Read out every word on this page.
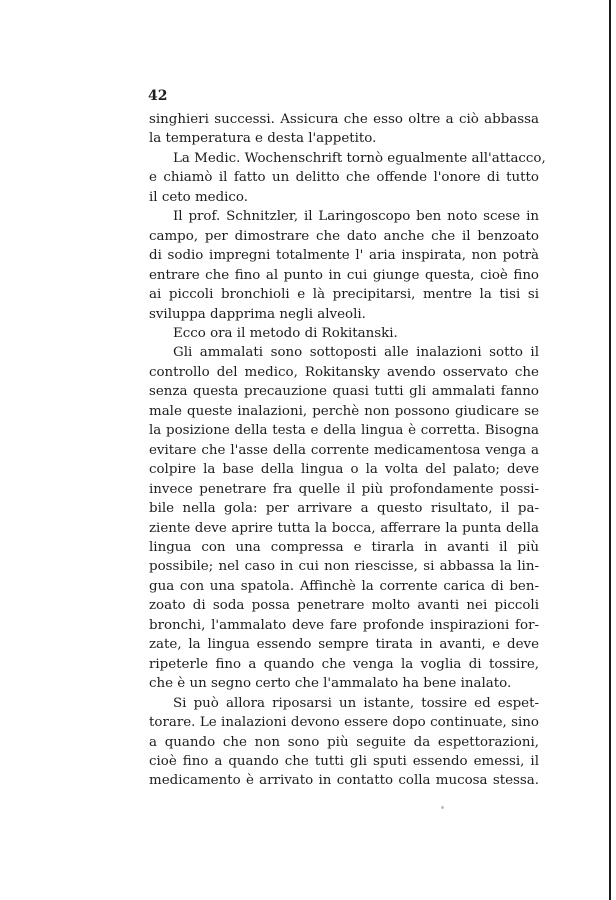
42
singhieri successi. Assicura che esso oltre a ciò abbassa
la temperatura e desta l'appetito.
La Medic. Wochenschrift tornò egualmente all'attacco,
e chiamò il fatto un delitto che offende l'onore di tutto
il ceto medico.
Il prof. Schnitzler, il Laringoscopo ben noto scese in
campo, per dimostrare che dato anche che il benzoato
di sodio impregni totalmente l' aria inspirata, non potrà
entrare che fino al punto in cui giunge questa, cioè fino
ai piccoli bronchioli e là precipitarsi, mentre la tisi si
sviluppa dapprima negli alveoli.
Ecco ora il metodo di Rokitanski.
Gli ammalati sono sottoposti alle inalazioni sotto il
controllo del medico, Rokitansky avendo osservato che
senza questa precauzione quasi tutti gli ammalati fanno
male queste inalazioni, perchè non possono giudicare se
la posizione della testa e della lingua è corretta. Bisogna
evitare che l'asse della corrente medicamentosa venga a
colpire la base della lingua o la volta del palato; deve
invece penetrare fra quelle il più profondamente possi-
bile nella gola: per arrivare a questo risultato, il pa-
ziente deve aprire tutta la bocca, afferrare la punta della
lingua con una compressa e tirarla in avanti il più
possibile; nel caso in cui non riescisse, si abbassa la lin-
gua con una spatola. Affinchè la corrente carica di ben-
zoato di soda possa penetrare molto avanti nei piccoli
bronchi, l'ammalato deve fare profonde inspirazioni for-
zate, la lingua essendo sempre tirata in avanti, e deve
ripeterle fino a quando che venga la voglia di tossire,
che è un segno certo che l'ammalato ha bene inalato.
Si può allora riposarsi un istante, tossire ed espet-
torare. Le inalazioni devono essere dopo continuate, sino
a quando che non sono più seguite da espettorazioni,
cioè fino a quando che tutti gli sputi essendo emessi, il
medicamento è arrivato in contatto colla mucosa stessa.
